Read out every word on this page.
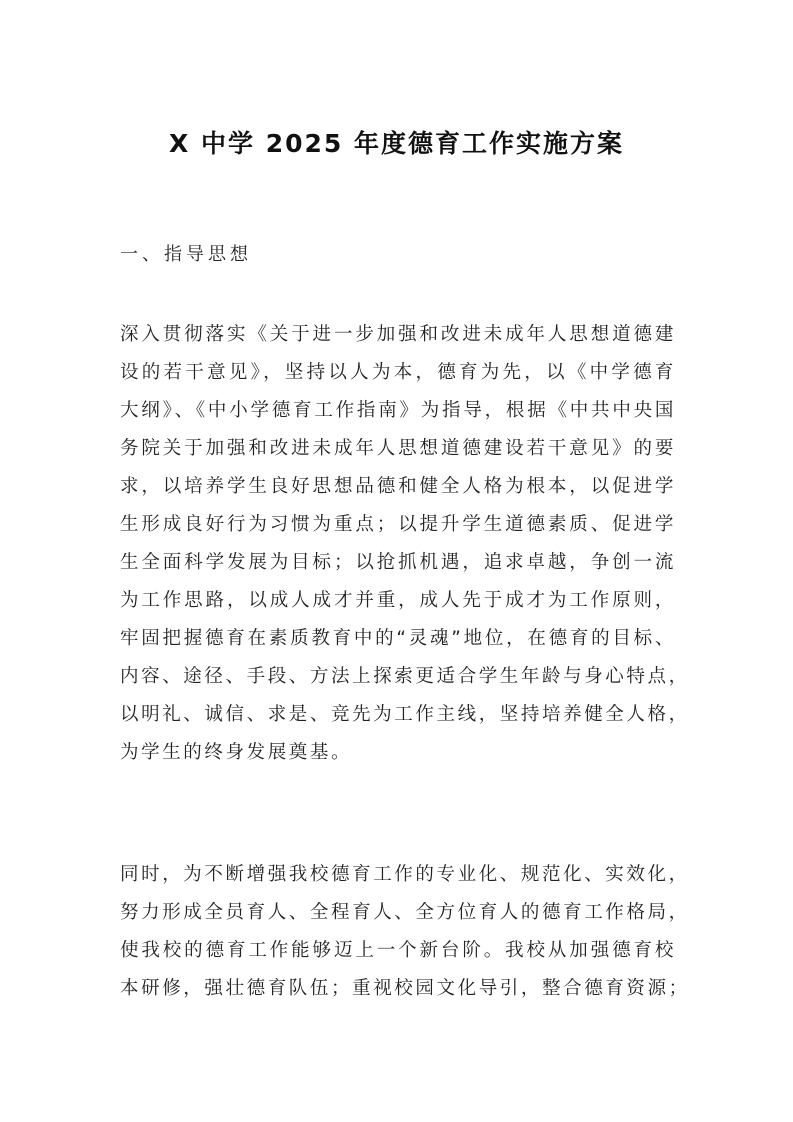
X 中学 2025 年度德育工作实施方案
一、指导思想
深入贯彻落实《关于进一步加强和改进未成年人思想道德建
设的若干意见》，坚持以人为本，德育为先，以《中学德育
大纲》、《中小学德育工作指南》为指导，根据《中共中央国
务院关于加强和改进未成年人思想道德建设若干意见》的要
求，以培养学生良好思想品德和健全人格为根本，以促进学
生形成良好行为习惯为重点；以提升学生道德素质、促进学
生全面科学发展为目标；以抢抓机遇，追求卓越，争创一流
为工作思路，以成人成才并重，成人先于成才为工作原则，
牢固把握德育在素质教育中的“灵魂”地位，在德育的目标、
内容、途径、手段、方法上探索更适合学生年龄与身心特点，
以明礼、诚信、求是、竞先为工作主线，坚持培养健全人格，
为学生的终身发展奠基。
同时，为不断增强我校德育工作的专业化、规范化、实效化，
努力形成全员育人、全程育人、全方位育人的德育工作格局，
使我校的德育工作能够迈上一个新台阶。我校从加强德育校
本研修，强壮德育队伍；重视校园文化导引，整合德育资源；
